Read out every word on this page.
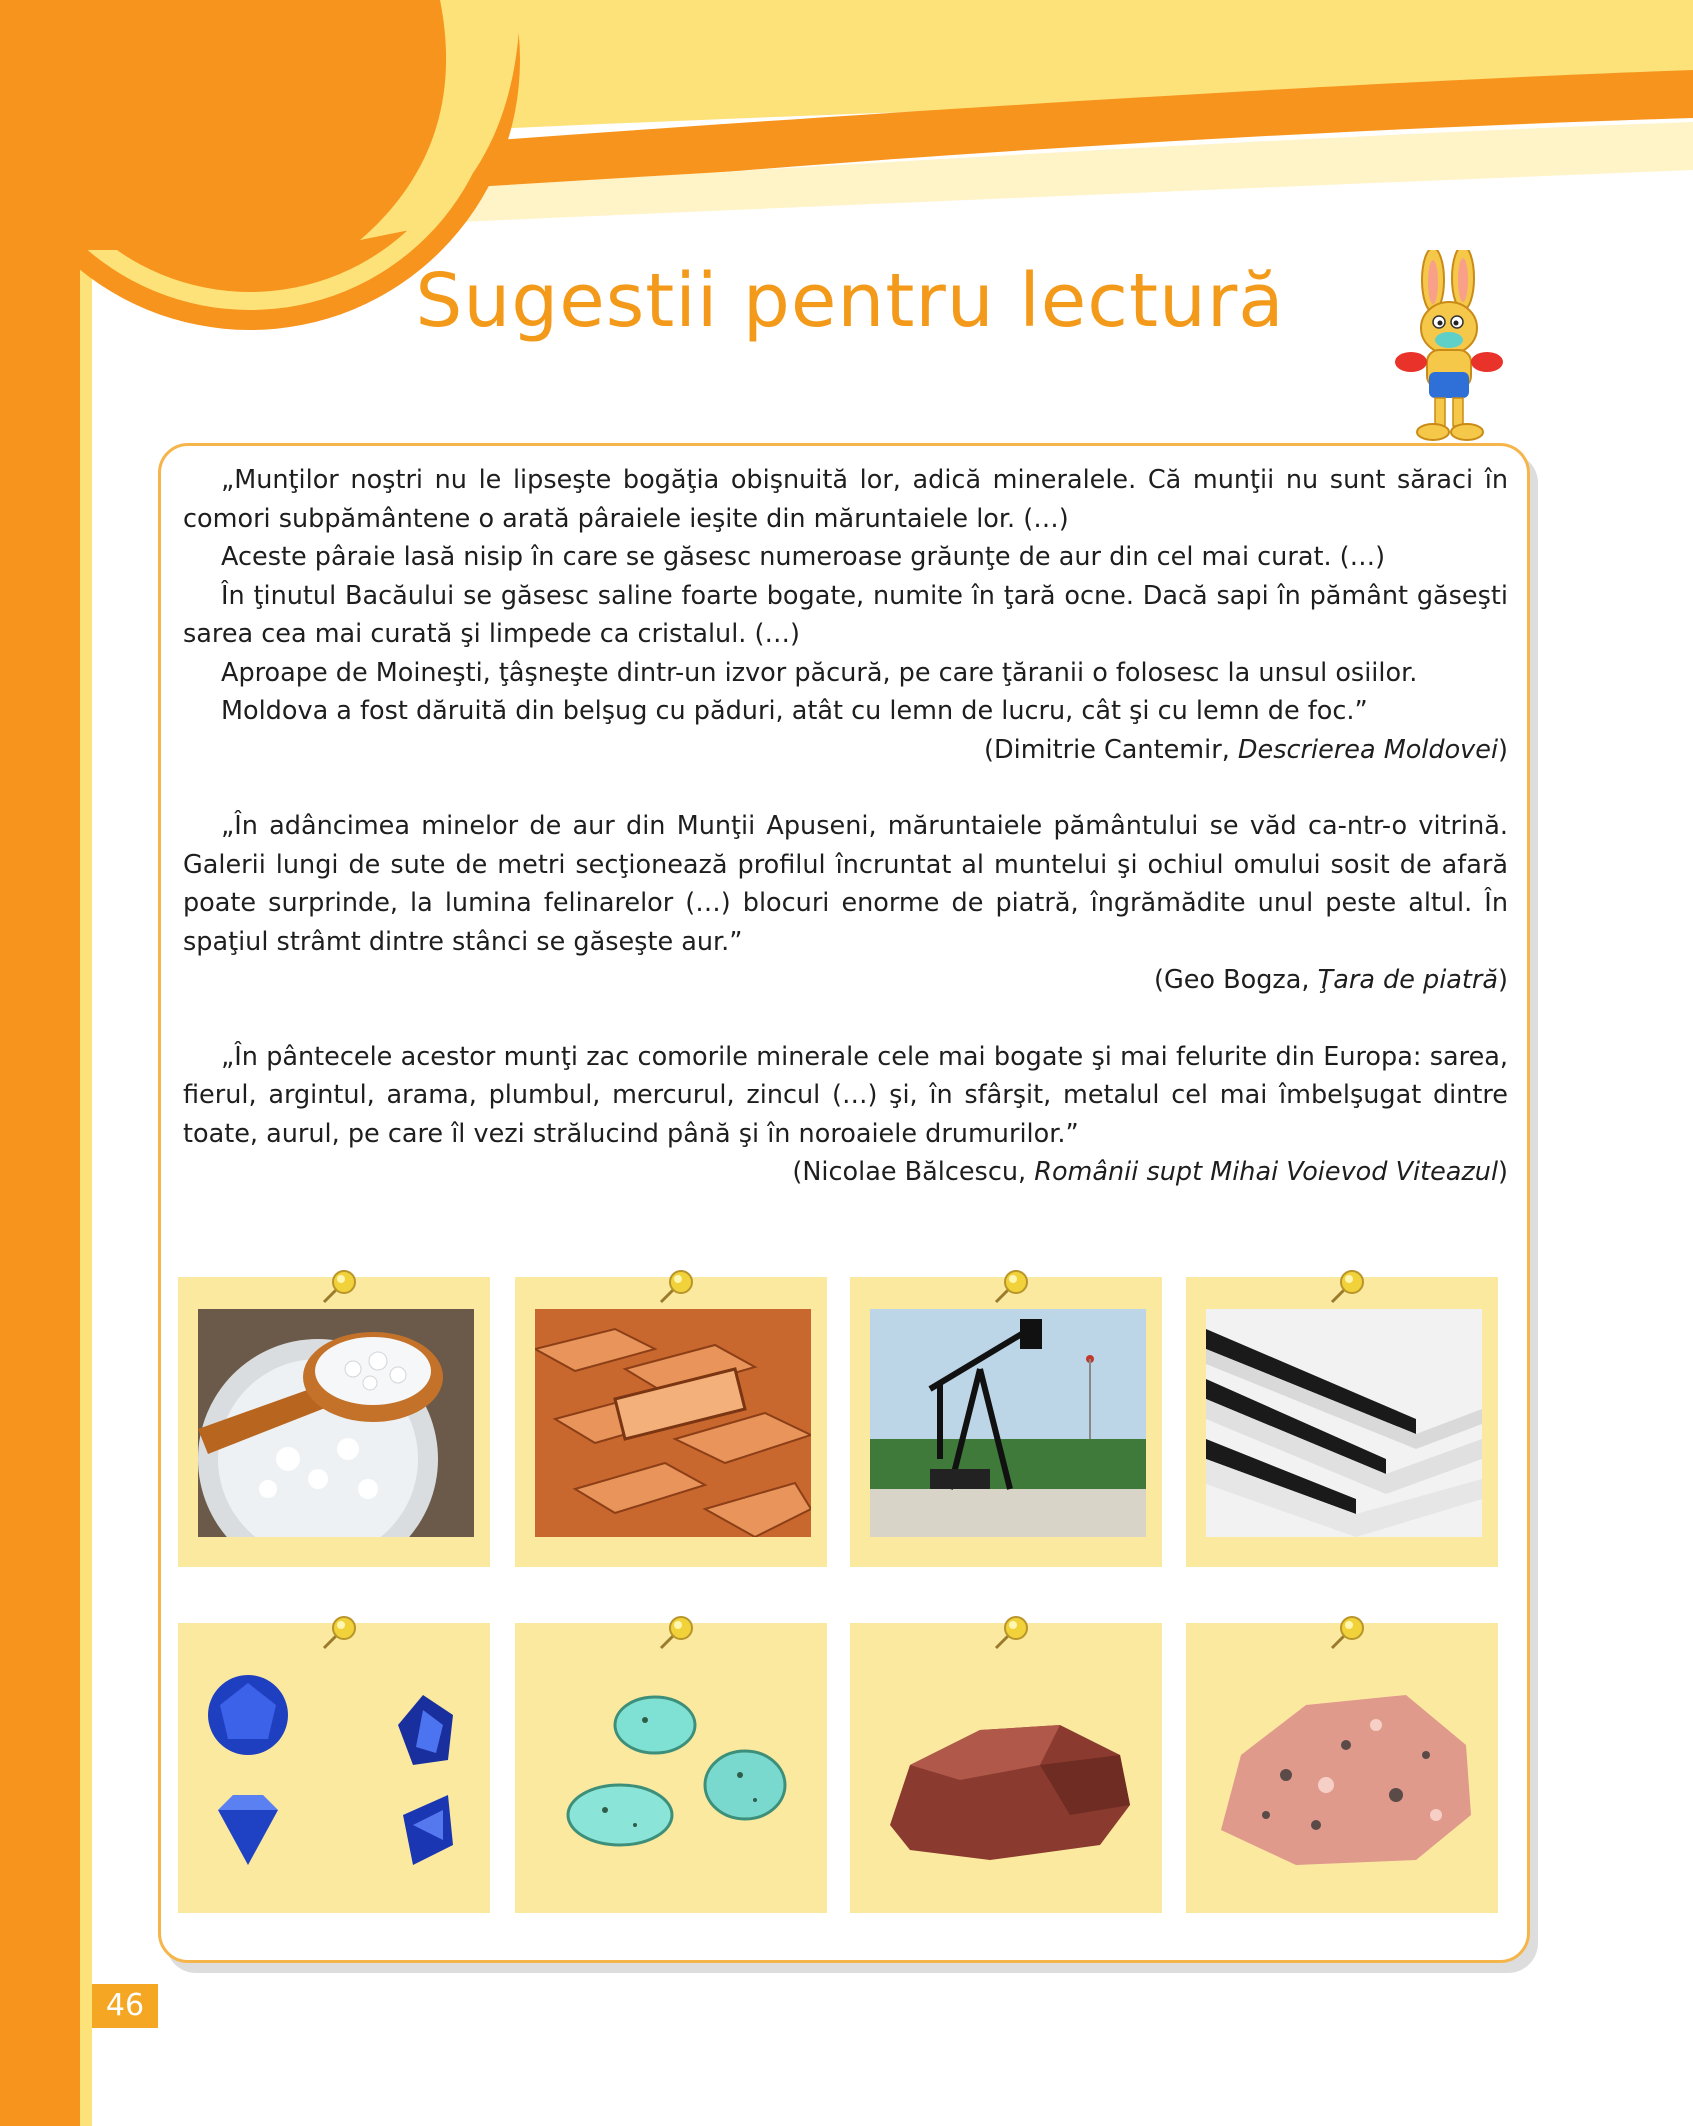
Sugestii pentru lectură

„Munţilor noştri nu le lipseşte bogăţia obişnuită lor, adică mineralele. Că munţii nu sunt săraci în comori subpământene o arată pâraiele ieşite din măruntaiele lor. (…)

Aceste pâraie lasă nisip în care se găsesc numeroase grăunţe de aur din cel mai curat. (…)

În ţinutul Bacăului se găsesc saline foarte bogate, numite în ţară ocne. Dacă sapi în pământ găseşti sarea cea mai curată şi limpede ca cristalul. (…)

Aproape de Moineşti, ţâşneşte dintr-un izvor păcură, pe care ţăranii o folosesc la unsul osiilor.

Moldova a fost dăruită din belşug cu păduri, atât cu lemn de lucru, cât şi cu lemn de foc.”

(Dimitrie Cantemir, Descrierea Moldovei)

„În adâncimea minelor de aur din Munţii Apuseni, măruntaiele pământului se văd ca-ntr-o vitrină. Galerii lungi de sute de metri secţionează profilul încruntat al muntelui şi ochiul omului sosit de afară poate surprinde, la lumina felinarelor (…) blocuri enorme de piatră, îngrămădite unul peste altul. În spaţiul strâmt dintre stânci se găseşte aur.”

(Geo Bogza, Ţara de piatră)

„În pântecele acestor munţi zac comorile minerale cele mai bogate şi mai felurite din Europa: sarea, fierul, argintul, arama, plumbul, mercurul, zincul (…) şi, în sfârşit, metalul cel mai îmbelşugat dintre toate, aurul, pe care îl vezi strălucind până şi în noroaiele drumurilor.”

(Nicolae Bălcescu, Românii supt Mihai Voievod Viteazul)

46
